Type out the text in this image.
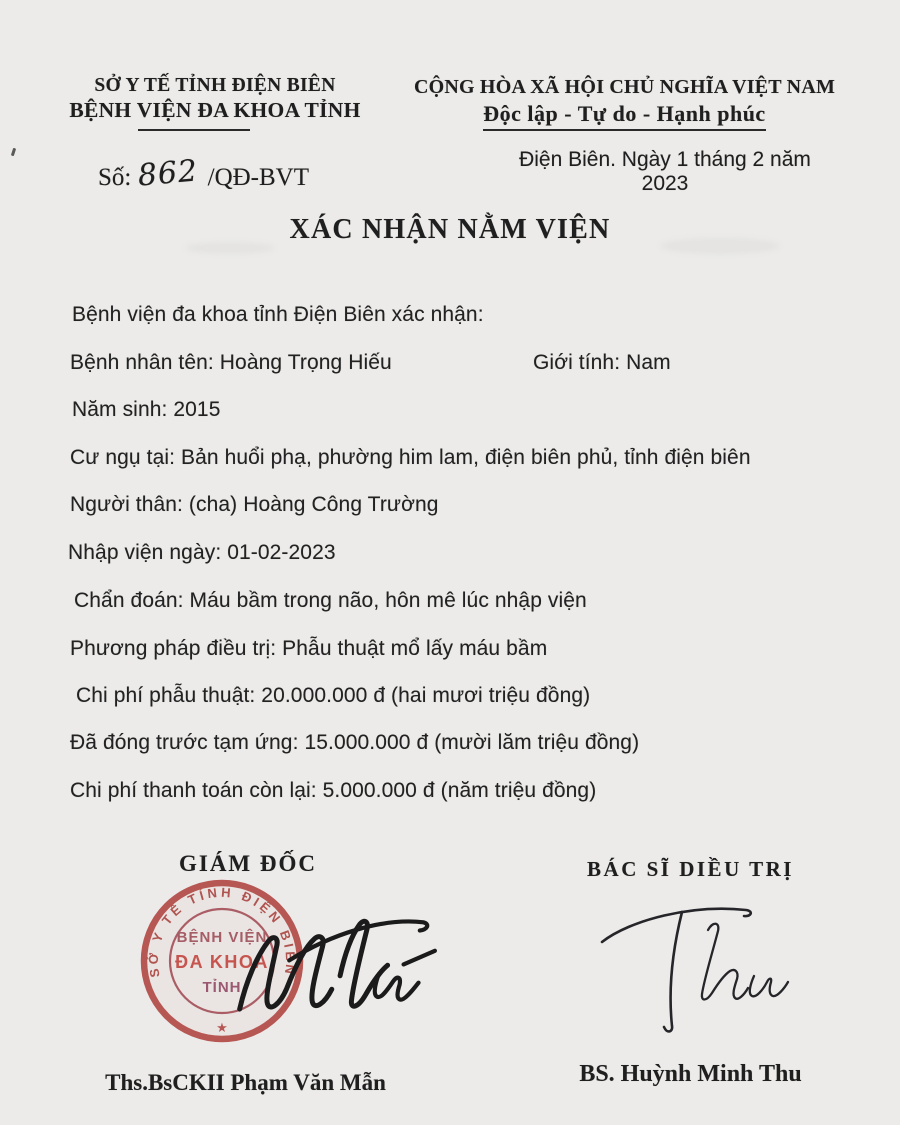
SỞ Y TẾ TỈNH ĐIỆN BIÊN
BỆNH VIỆN ĐA KHOA TỈNH
CỘNG HÒA XÃ HỘI CHỦ NGHĨA VIỆT NAM
Độc lập - Tự do - Hạnh phúc
Điện Biên. Ngày 1 tháng 2 năm 2023
Số: 862 /QĐ-BVT
XÁC NHẬN NẰM VIỆN
Bệnh viện đa khoa tỉnh Điện Biên xác nhận:
Bệnh nhân tên: Hoàng Trọng Hiếu	Giới tính: Nam
Năm sinh: 2015
Cư ngụ tại: Bản huổi phạ, phường him lam, điện biên phủ, tỉnh điện biên
Người thân: (cha) Hoàng Công Trường
Nhập viện ngày: 01-02-2023
Chẩn đoán: Máu bầm trong não, hôn mê lúc nhập viện
Phương pháp điều trị: Phẫu thuật mổ lấy máu bầm
Chi phí phẫu thuật: 20.000.000 đ (hai mươi triệu đồng)
Đã đóng trước tạm ứng: 15.000.000 đ (mười lăm triệu đồng)
Chi phí thanh toán còn lại: 5.000.000 đ (năm triệu đồng)
GIÁM ĐỐC	BÁC SĨ DIỀU TRỊ
SỞ Y TẾ TỈNH ĐIỆN BIÊN
BỆNH VIỆN
ĐA KHOA
TỈNH
★
Ths.BsCKII Phạm Văn Mẫn	BS. Huỳnh Minh Thu
